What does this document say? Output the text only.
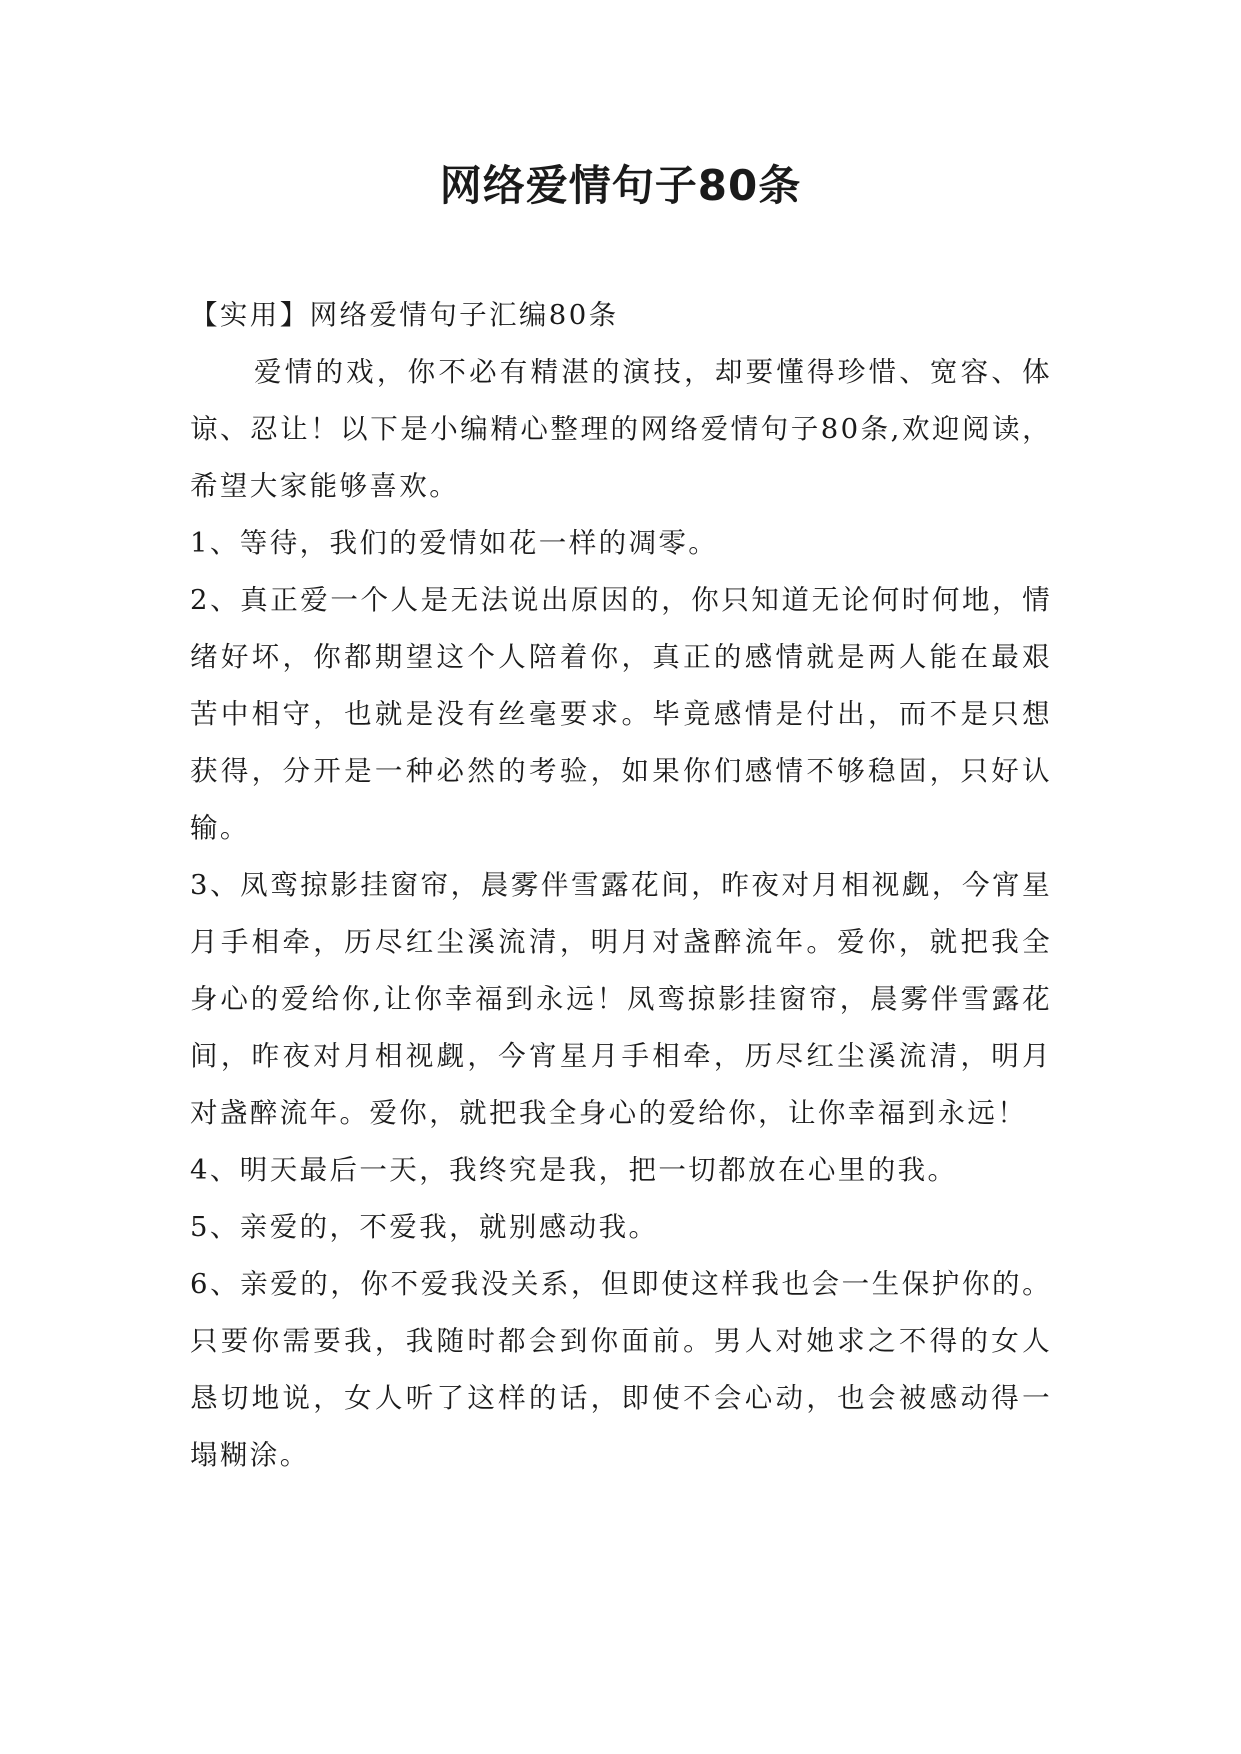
网络爱情句子80条

【实用】网络爱情句子汇编80条

爱情的戏，你不必有精湛的演技，却要懂得珍惜、宽容、体谅、忍让！以下是小编精心整理的网络爱情句子80条,欢迎阅读，希望大家能够喜欢。

1、等待，我们的爱情如花一样的凋零。

2、真正爱一个人是无法说出原因的，你只知道无论何时何地，情绪好坏，你都期望这个人陪着你，真正的感情就是两人能在最艰苦中相守，也就是没有丝毫要求。毕竟感情是付出，而不是只想获得，分开是一种必然的考验，如果你们感情不够稳固，只好认输。

3、凤鸾掠影挂窗帘，晨雾伴雪露花间，昨夜对月相视觑，今宵星月手相牵，历尽红尘溪流清，明月对盏醉流年。爱你，就把我全身心的爱给你,让你幸福到永远！凤鸾掠影挂窗帘，晨雾伴雪露花间，昨夜对月相视觑，今宵星月手相牵，历尽红尘溪流清，明月对盏醉流年。爱你，就把我全身心的爱给你，让你幸福到永远！

4、明天最后一天，我终究是我，把一切都放在心里的我。

5、亲爱的，不爱我，就别感动我。

6、亲爱的，你不爱我没关系，但即使这样我也会一生保护你的。只要你需要我，我随时都会到你面前。男人对她求之不得的女人恳切地说，女人听了这样的话，即使不会心动，也会被感动得一塌糊涂。
